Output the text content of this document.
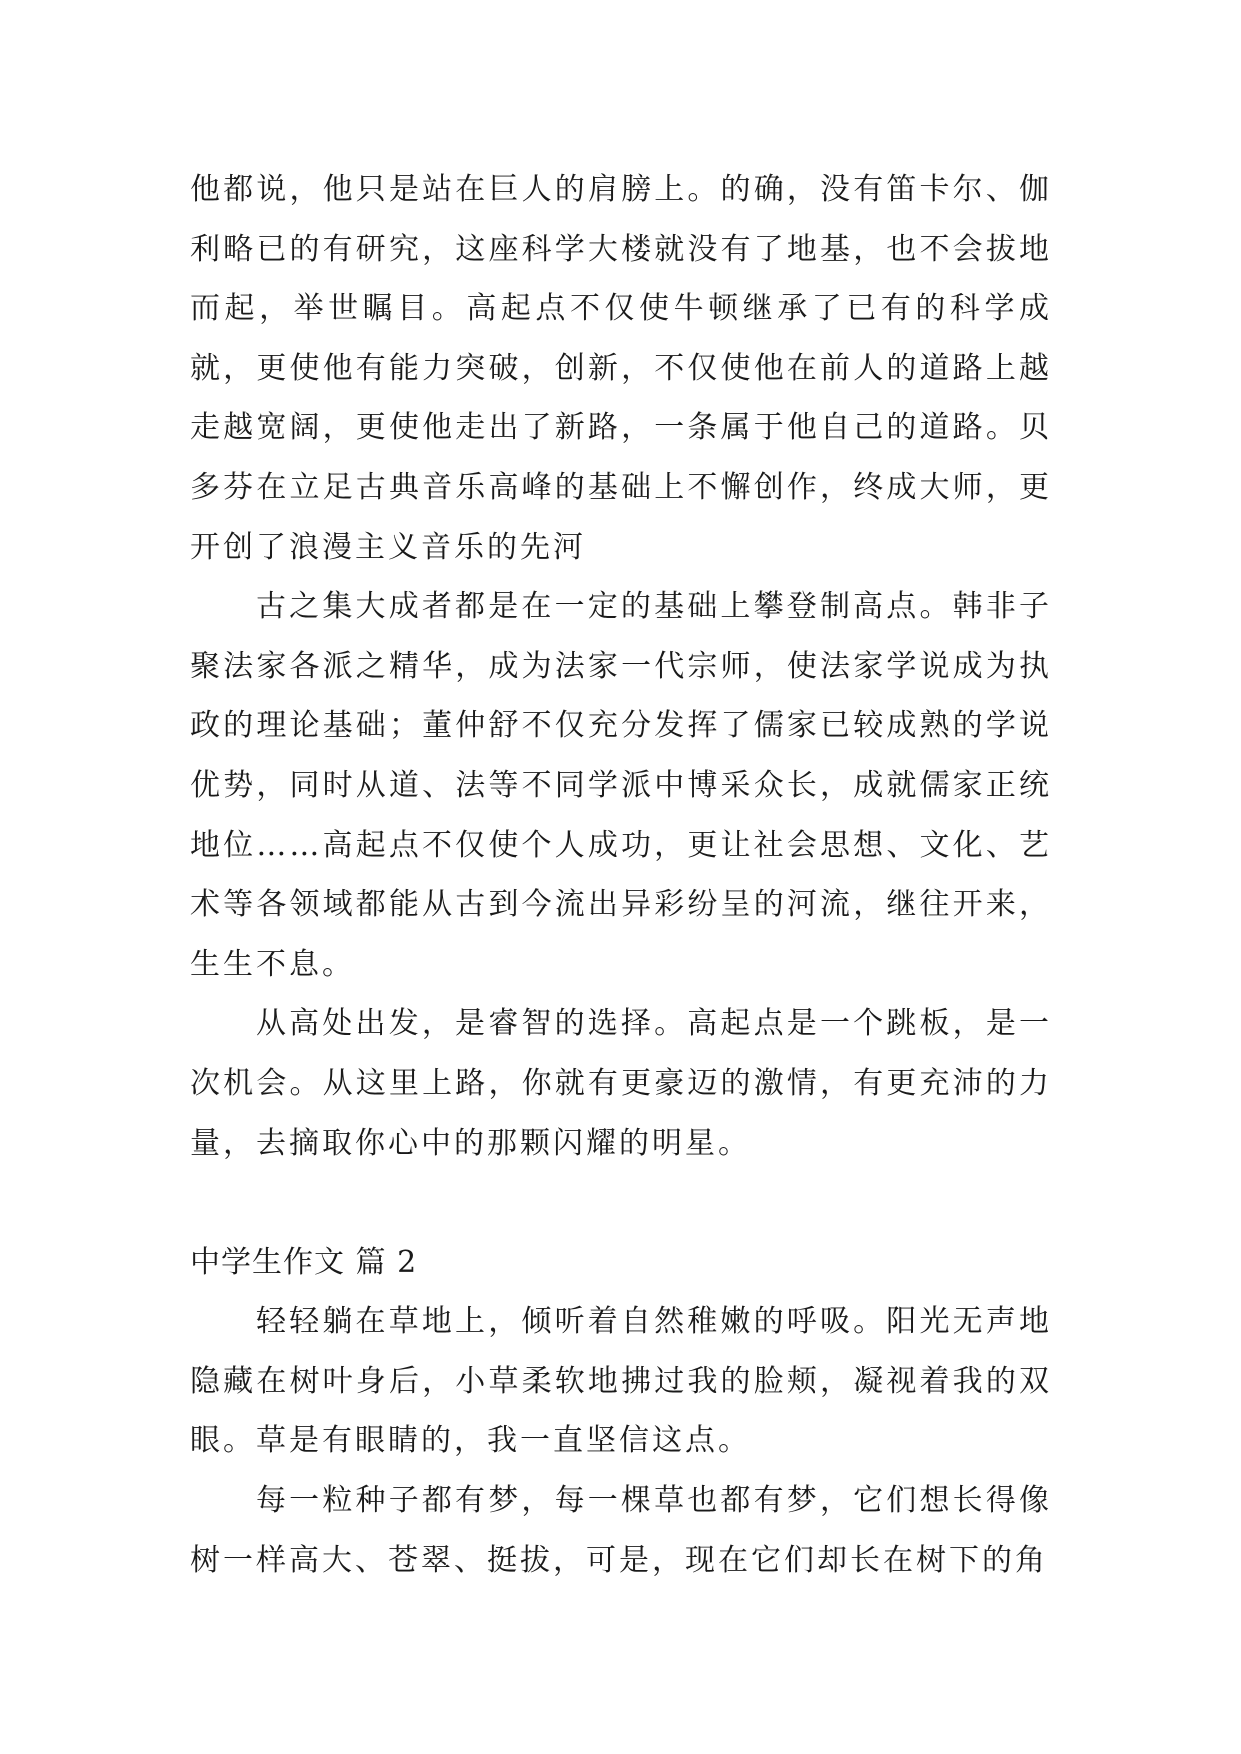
他都说，他只是站在巨人的肩膀上。的确，没有笛卡尔、伽利略已的有研究，这座科学大楼就没有了地基，也不会拔地而起，举世瞩目。高起点不仅使牛顿继承了已有的科学成就，更使他有能力突破，创新，不仅使他在前人的道路上越走越宽阔，更使他走出了新路，一条属于他自己的道路。贝多芬在立足古典音乐高峰的基础上不懈创作，终成大师，更开创了浪漫主义音乐的先河

古之集大成者都是在一定的基础上攀登制高点。韩非子聚法家各派之精华，成为法家一代宗师，使法家学说成为执政的理论基础；董仲舒不仅充分发挥了儒家已较成熟的学说优势，同时从道、法等不同学派中博采众长，成就儒家正统地位……高起点不仅使个人成功，更让社会思想、文化、艺术等各领域都能从古到今流出异彩纷呈的河流，继往开来，生生不息。

从高处出发，是睿智的选择。高起点是一个跳板，是一次机会。从这里上路，你就有更豪迈的激情，有更充沛的力量，去摘取你心中的那颗闪耀的明星。

中学生作文 篇 2

轻轻躺在草地上，倾听着自然稚嫩的呼吸。阳光无声地隐藏在树叶身后，小草柔软地拂过我的脸颊，凝视着我的双眼。草是有眼睛的，我一直坚信这点。

每一粒种子都有梦，每一棵草也都有梦，它们想长得像树一样高大、苍翠、挺拔，可是，现在它们却长在树下的角
